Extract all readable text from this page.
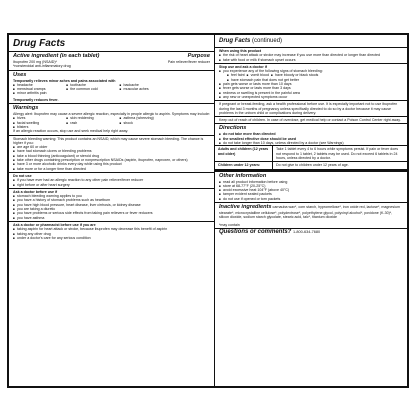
Drug Facts
Active ingredient (in each tablet)	Purpose
Ibuprofen 200 mg (NSAID)*	Pain reliever/fever reducer
*nonsteroidal anti-inflammatory drug
Uses
Temporarily relieves minor aches and pains associated with
■ headache	■ toothache	■ backache
■ menstrual cramps	■ the common cold	■ muscular aches
■ minor arthritis pain
Temporarily reduces fever.
Warnings
Allergy alert: Ibuprofen may cause a severe allergic reaction, especially in people allergic to aspirin. Symptoms may include:
■ hives	■ skin reddening	■ asthma (wheezing)
■ facial swelling	■ rash	■ shock
■ blisters
If an allergic reaction occurs, stop use and seek medical help right away.
Stomach bleeding warning: This product contains an NSAID, which may cause severe stomach bleeding. The chance is higher if you:
■ are age 60 or older
■ have had stomach ulcers or bleeding problems
■ take a blood thinning (anticoagulant) or steroid drug
■ take other drugs containing prescription or nonprescription NSAIDs (aspirin, ibuprofen, naproxen, or others)
■ have 3 or more alcoholic drinks every day while using this product
■ take more or for a longer time than directed
Do not use
■ if you have ever had an allergic reaction to any other pain reliever/fever reducer
■ right before or after heart surgery
Ask a doctor before use if
■ stomach bleeding warning applies to you
■ you have a history of stomach problems such as heartburn
■ you have high blood pressure, heart disease, liver cirrhosis, or kidney disease
■ you are taking a diuretic
■ you have problems or serious side effects from taking pain relievers or fever reducers
■ you have asthma
Ask a doctor or pharmacist before use if you are
■ taking aspirin for heart attack or stroke, because ibuprofen may decrease this benefit of aspirin
■ taking any other drug
■ under a doctor's care for any serious condition
Drug Facts (continued)
When using this product
■ the risk of heart attack or stroke may increase if you use more than directed or longer than directed
■ take with food or milk if stomach upset occurs
Stop use and ask a doctor if
■ you experience any of the following signs of stomach bleeding:
■ feel faint ■ vomit blood ■ have bloody or black stools
■ have stomach pain that does not get better
■ pain gets worse or lasts more than 10 days
■ fever gets worse or lasts more than 3 days
■ redness or swelling is present in the painful area
■ any new or unexpected symptoms occur
If pregnant or breast-feeding, ask a health professional before use. It is especially important not to use ibuprofen during the last 3 months of pregnancy unless specifically directed to do so by a doctor because it may cause problems in the unborn child or complications during delivery.
Keep out of reach of children. In case of overdose, get medical help or contact a Poison Control Center right away.
Directions
■ do not take more than directed
■ the smallest effective dose should be used
■ do not take longer than 10 days, unless directed by a doctor (see Warnings)
Adults and children (12 years and older)
Take 1 tablet every 4 to 6 hours while symptoms persist. If pain or fever does not respond to 1 tablet, 2 tablets may be used. Do not exceed 6 tablets in 24 hours, unless directed by a doctor.
Children under 12 years:	Do not give to children under 12 years of age.
Other information
■ read all product information before using
■ store at 68-77°F (20-25°C)
■ avoid excessive heat 104°F (above 40°C)
■ tamper evident sealed packets
■ do not use if opened or torn packets
Inactive ingredients carnauba wax*, corn starch, hypromellose*, iron oxide red, lactose*, magnesium stearate*, microcrystalline cellulose*, polydextrose*, polyethylene glycol, polyvinyl alcohol*, povidone (K-30)*, silicon dioxide, sodium starch glycolate, stearic acid, talc*, titanium dioxide
*may contain
Questions or comments? 1-800-634-7680
